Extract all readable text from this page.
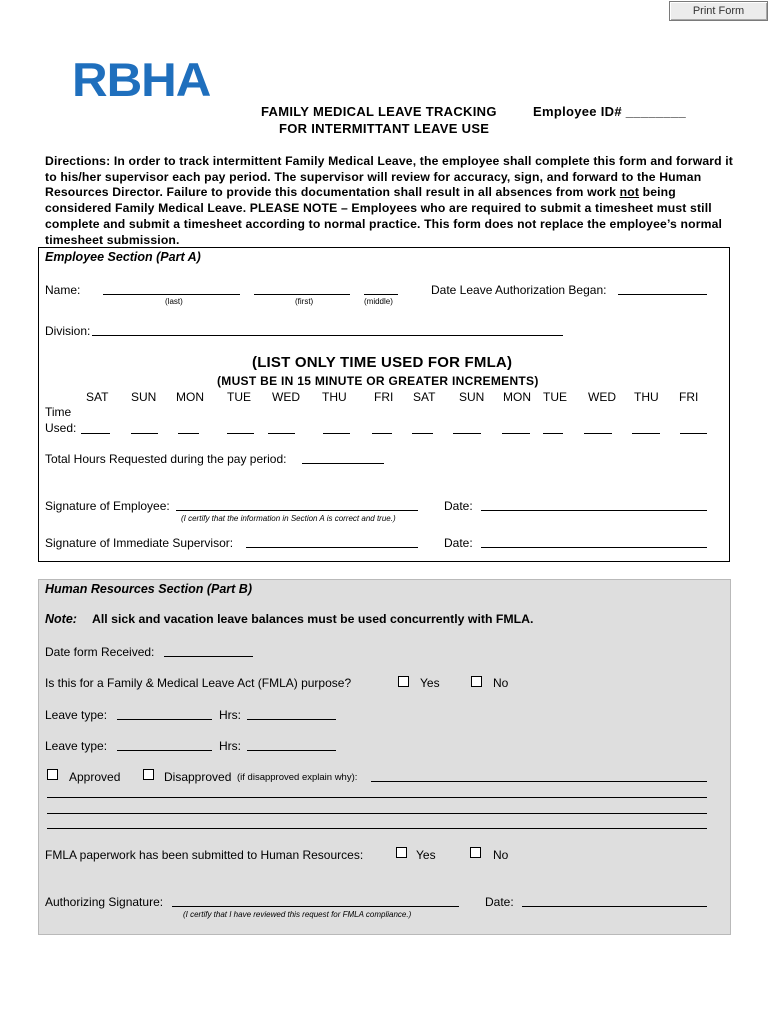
Print Form
RBHA
FAMILY MEDICAL LEAVE TRACKING
FOR INTERMITTANT LEAVE USE
Employee ID# ________
Directions: In order to track intermittent Family Medical Leave, the employee shall complete this form and forward it to his/her supervisor each pay period. The supervisor will review for accuracy, sign, and forward to the Human Resources Director. Failure to provide this documentation shall result in all absences from work not being considered Family Medical Leave. PLEASE NOTE – Employees who are required to submit a timesheet must still complete and submit a timesheet according to normal practice. This form does not replace the employee’s normal timesheet submission.
Employee Section (Part A)
Name:
(last)	(first)	(middle)
Date Leave Authorization Began:
Division:
(LIST ONLY TIME USED FOR FMLA)
(MUST BE IN 15 MINUTE OR GREATER INCREMENTS)
SAT SUN MON TUE WED THU FRI SAT SUN MON TUE WED THU FRI
Time
Used:
Total Hours Requested during the pay period:
Signature of Employee:
(I certify that the information in Section A is correct and true.)
Date:
Signature of Immediate Supervisor:	Date:
Human Resources Section (Part B)
Note: All sick and vacation leave balances must be used concurrently with FMLA.
Date form Received:
Is this for a Family & Medical Leave Act (FMLA) purpose?	Yes	No
Leave type:	Hrs:
Leave type:	Hrs:
Approved	Disapproved (if disapproved explain why):
FMLA paperwork has been submitted to Human Resources:	Yes	No
Authorizing Signature:
(I certify that I have reviewed this request for FMLA compliance.)
Date:
